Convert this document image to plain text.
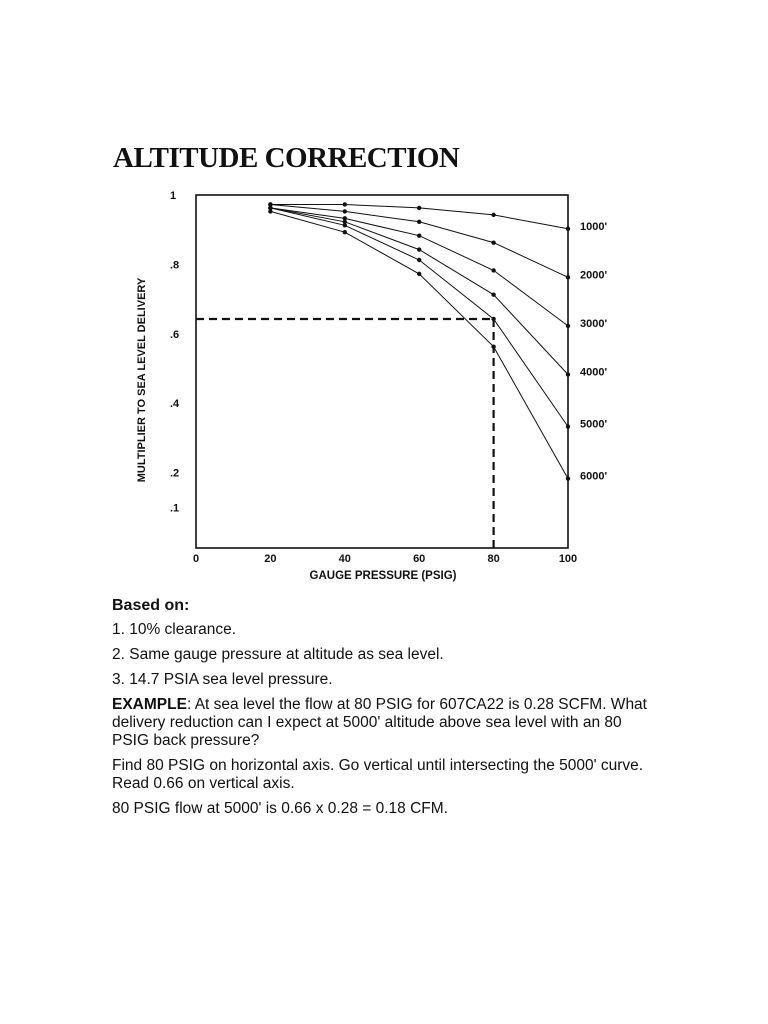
ALTITUDE CORRECTION
1000'
2000'
3000'
4000'
5000'
6000'
0	20	40	60	80	100
1
.8
.6
.4
.2
.1
GAUGE PRESSURE (PSIG)
MULTIPLIER TO SEA LEVEL DELIVERY
Based on:

1. 10% clearance.

2. Same gauge pressure at altitude as sea level.

3. 14.7 PSIA sea level pressure.

EXAMPLE: At sea level the flow at 80 PSIG for 607CA22 is 0.28 SCFM. What delivery reduction can I expect at 5000' altitude above sea level with an 80 PSIG back pressure?

Find 80 PSIG on horizontal axis. Go vertical until intersecting the 5000' curve. Read 0.66 on vertical axis.

80 PSIG flow at 5000' is 0.66 x 0.28 = 0.18 CFM.
